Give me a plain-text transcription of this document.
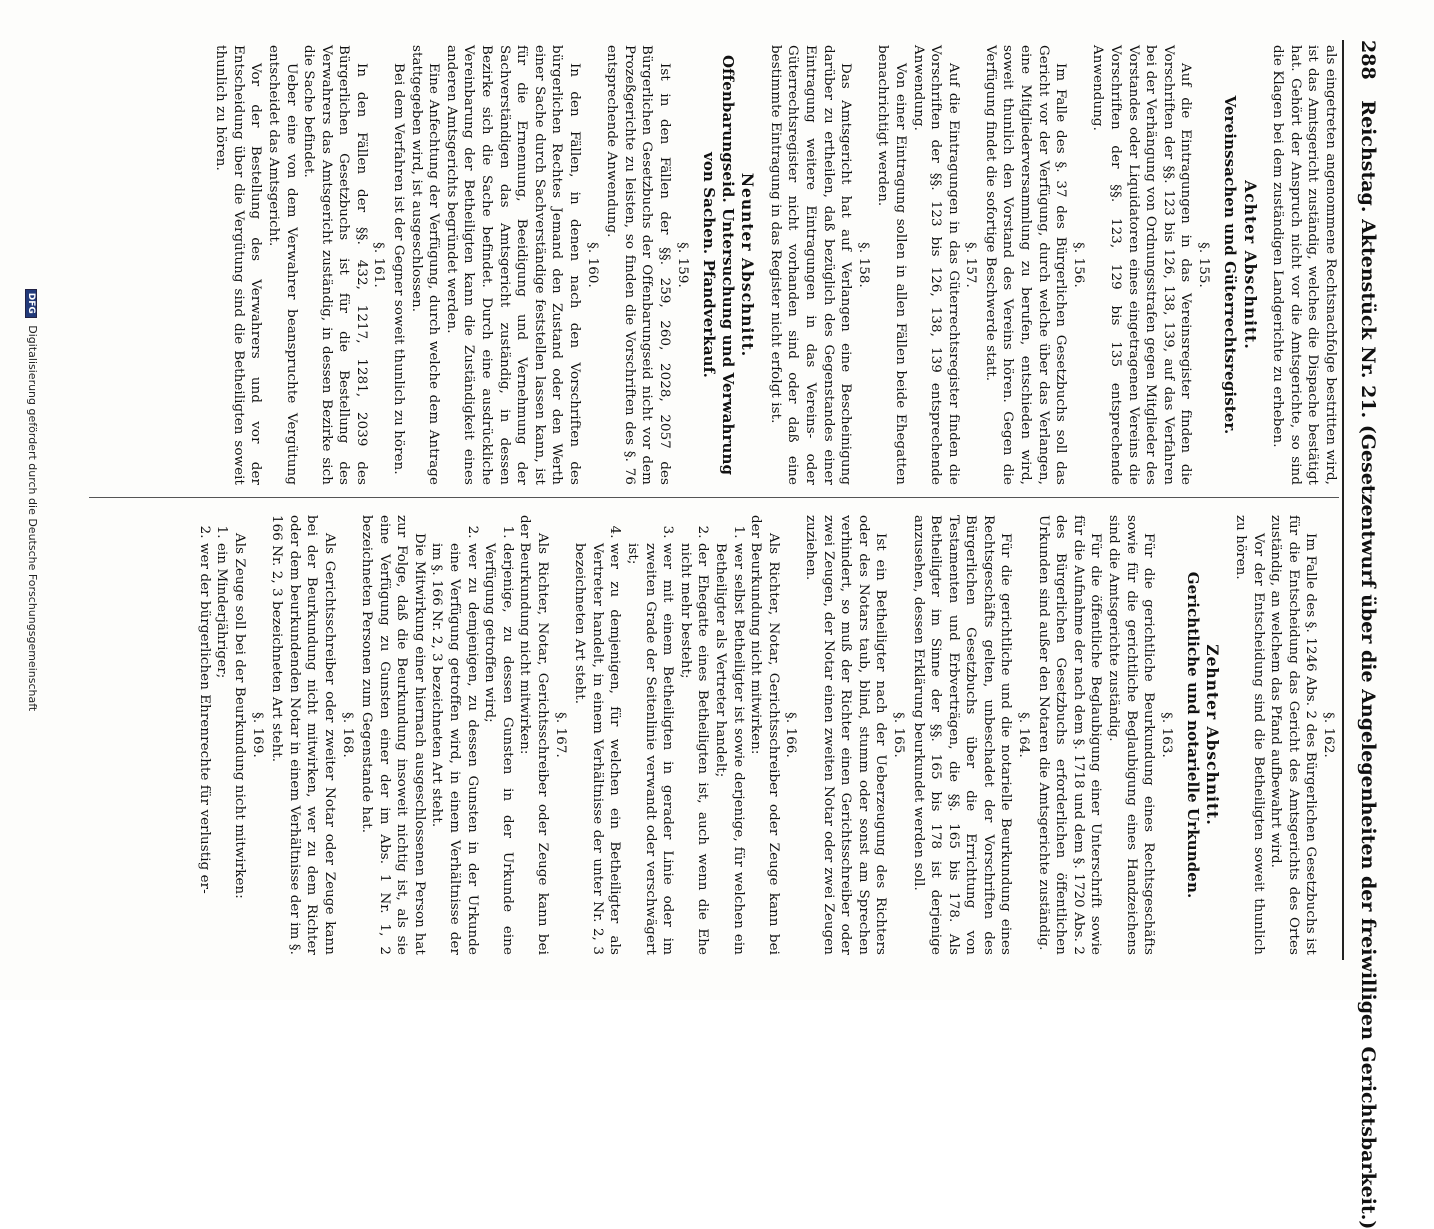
288 Reichstag. Aktenstück Nr. 21. (Gesetzentwurf über die Angelegenheiten der freiwilligen Gerichtsbarkeit.)

als eingetreten angenommene Rechtsnachfolge bestritten wird, ist das Amtsgericht zuständig, welches die Dispache bestätigt hat. Gehört der Anspruch nicht vor die Amtsgerichte, so sind die Klagen bei dem zuständigen Landgerichte zu erheben.

Achter Abschnitt.
Vereinssachen und Güterrechtsregister.
§. 155.

Auf die Eintragungen in das Vereinsregister finden die Vorschriften der §§. 123 bis 126, 138, 139, auf das Verfahren bei der Verhängung von Ordnungsstrafen gegen Mitglieder des Vorstandes oder Liquidatoren eines eingetragenen Vereins die Vorschriften der §§. 123, 129 bis 135 entsprechende Anwendung.

§. 156.

Im Falle des §. 37 des Bürgerlichen Gesetzbuchs soll das Gericht vor der Verfügung, durch welche über das Verlangen, eine Mitgliederversammlung zu berufen, entschieden wird, soweit thunlich den Vorstand des Vereins hören. Gegen die Verfügung findet die sofortige Beschwerde statt.

§. 157.

Auf die Eintragungen in das Güterrechtsregister finden die Vorschriften der §§. 123 bis 126, 138, 139 entsprechende Anwendung.

Von einer Eintragung sollen in allen Fällen beide Ehegatten benachrichtigt werden.

§. 158.

Das Amtsgericht hat auf Verlangen eine Bescheinigung darüber zu ertheilen, daß bezüglich des Gegenstandes einer Eintragung weitere Eintragungen in das Vereins- oder Güterrechtsregister nicht vorhanden sind oder daß eine bestimmte Eintragung in das Register nicht erfolgt ist.

Neunter Abschnitt.
Offenbarungseid. Untersuchung und Verwahrung von Sachen. Pfandverkauf.
§. 159.

Ist in den Fällen der §§. 259, 260, 2028, 2057 des Bürgerlichen Gesetzbuchs der Offenbarungseid nicht vor dem Prozeßgerichte zu leisten, so finden die Vorschriften des §. 76 entsprechende Anwendung.

§. 160.

In den Fällen, in denen nach den Vorschriften des bürgerlichen Rechtes Jemand den Zustand oder den Werth einer Sache durch Sachverständige feststellen lassen kann, ist für die Ernennung, Beeidigung und Vernehmung der Sachverständigen das Amtsgericht zuständig, in dessen Bezirke sich die Sache befindet. Durch eine ausdrückliche Vereinbarung der Betheiligten kann die Zuständigkeit eines anderen Amtsgerichts begründet werden.

Eine Anfechtung der Verfügung, durch welche dem Antrage stattgegeben wird, ist ausgeschlossen.

Bei dem Verfahren ist der Gegner soweit thunlich zu hören.

§. 161.

In den Fällen der §§. 432, 1217, 1281, 2039 des Bürgerlichen Gesetzbuchs ist für die Bestellung des Verwahrers das Amtsgericht zuständig, in dessen Bezirke sich die Sache befindet.

Ueber eine von dem Verwahrer beanspruchte Vergütung entscheidet das Amtsgericht.

Vor der Bestellung des Verwahrers und vor der Entscheidung über die Vergütung sind die Betheiligten soweit thunlich zu hören.

§. 162.

Im Falle des §. 1246 Abs. 2 des Bürgerlichen Gesetzbuchs ist für die Entscheidung das Gericht des Amtsgerichts des Ortes zuständig, an welchem das Pfand aufbewahrt wird.

Vor der Entscheidung sind die Betheiligten soweit thunlich zu hören.

Zehnter Abschnitt.
Gerichtliche und notarielle Urkunden.
§. 163.

Für die gerichtliche Beurkundung eines Rechtsgeschäfts sowie für die gerichtliche Beglaubigung eines Handzeichens sind die Amtsgerichte zuständig.

Für die öffentliche Beglaubigung einer Unterschrift sowie für die Aufnahme der nach dem §. 1718 und dem §. 1720 Abs. 2 des Bürgerlichen Gesetzbuchs erforderlichen öffentlichen Urkunden sind außer den Notaren die Amtsgerichte zuständig.

§. 164.

Für die gerichtliche und die notarielle Beurkundung eines Rechtsgeschäfts gelten, unbeschadet der Vorschriften des Bürgerlichen Gesetzbuchs über die Errichtung von Testamenten und Erbverträgen, die §§. 165 bis 178. Als Betheiligter im Sinne der §§. 165 bis 178 ist derjenige anzusehen, dessen Erklärung beurkundet werden soll.

§. 165.

Ist ein Betheiligter nach der Ueberzeugung des Richters oder des Notars taub, blind, stumm oder sonst am Sprechen verhindert, so muß der Richter einen Gerichtsschreiber oder zwei Zeugen, der Notar einen zweiten Notar oder zwei Zeugen zuziehen.

§. 166.

Als Richter, Notar, Gerichtsschreiber oder Zeuge kann bei der Beurkundung nicht mitwirken:

1. wer selbst Betheiligter ist sowie derjenige, für welchen ein Betheiligter als Vertreter handelt;
2. der Ehegatte eines Betheiligten ist, auch wenn die Ehe nicht mehr besteht;
3. wer mit einem Betheiligten in gerader Linie oder im zweiten Grade der Seitenlinie verwandt oder verschwägert ist;
4. wer zu demjenigen, für welchen ein Betheiligter als Vertreter handelt, in einem Verhältnisse der unter Nr. 2, 3 bezeichneten Art steht.
§. 167.

Als Richter, Notar, Gerichtsschreiber oder Zeuge kann bei der Beurkundung nicht mitwirken:

1. derjenige, zu dessen Gunsten in der Urkunde eine Verfügung getroffen wird;
2. wer zu demjenigen, zu dessen Gunsten in der Urkunde eine Verfügung getroffen wird, in einem Verhältnisse der im §. 166 Nr. 2, 3 bezeichneten Art steht.

Die Mitwirkung einer hiernach ausgeschlossenen Person hat zur Folge, daß die Beurkundung insoweit nichtig ist, als sie eine Verfügung zu Gunsten einer der im Abs. 1 Nr. 1, 2 bezeichneten Personen zum Gegenstande hat.

§. 168.

Als Gerichtsschreiber oder zweiter Notar oder Zeuge kann bei der Beurkundung nicht mitwirken, wer zu dem Richter oder dem beurkundenden Notar in einem Verhältnisse der im §. 166 Nr. 2, 3 bezeichneten Art steht.

§. 169.

Als Zeuge soll bei der Beurkundung nicht mitwirken:

1. ein Minderjähriger;
2. wer der bürgerlichen Ehrenrechte für verlustig er-
DFG Digitalisierung gefördert durch die Deutsche Forschungsgemeinschaft
